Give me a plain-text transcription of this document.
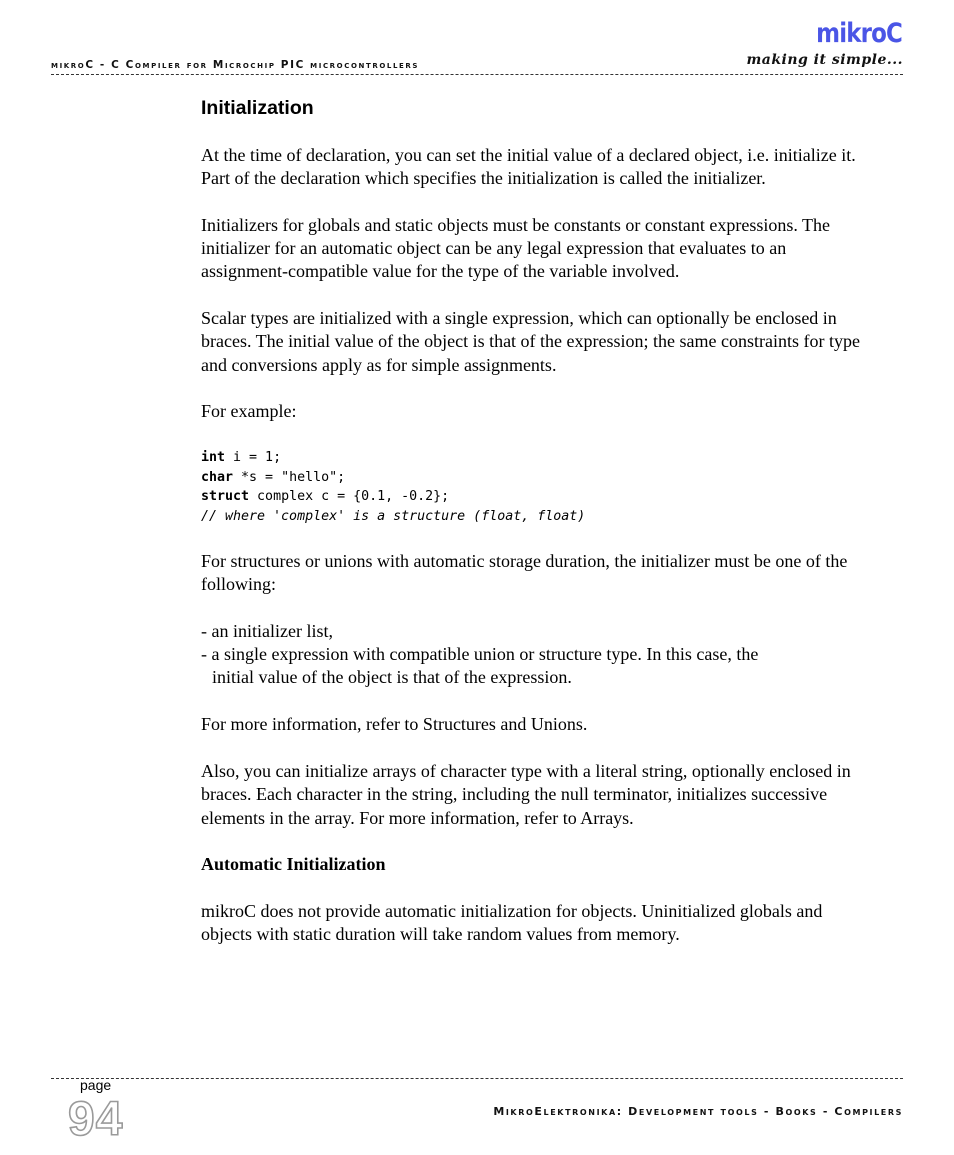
mikroC - C Compiler for Microchip PIC microcontrollers
mikroC
making it simple...
Initialization

At the time of declaration, you can set the initial value of a declared object, i.e. initialize it. Part of the declaration which specifies the initialization is called the initializer.

Initializers for globals and static objects must be constants or constant expressions. The initializer for an automatic object can be any legal expression that evaluates to an assignment-compatible value for the type of the variable involved.

Scalar types are initialized with a single expression, which can optionally be enclosed in braces. The initial value of the object is that of the expression; the same constraints for type and conversions apply as for simple assignments.

For example:

int i = 1;
char *s = "hello";
struct complex c = {0.1, -0.2};
// where 'complex' is a structure (float, float)

For structures or unions with automatic storage duration, the initializer must be one of the following:

- an initializer list,

- a single expression with compatible union or structure type. In this case, the

initial value of the object is that of the expression.

For more information, refer to Structures and Unions.

Also, you can initialize arrays of character type with a literal string, optionally enclosed in braces. Each character in the string, including the null terminator, initializes successive elements in the array. For more information, refer to Arrays.

Automatic Initialization

mikroC does not provide automatic initialization for objects. Uninitialized globals and objects with static duration will take random values from memory.

page
94	MikroElektronika: Development tools - Books - Compilers
